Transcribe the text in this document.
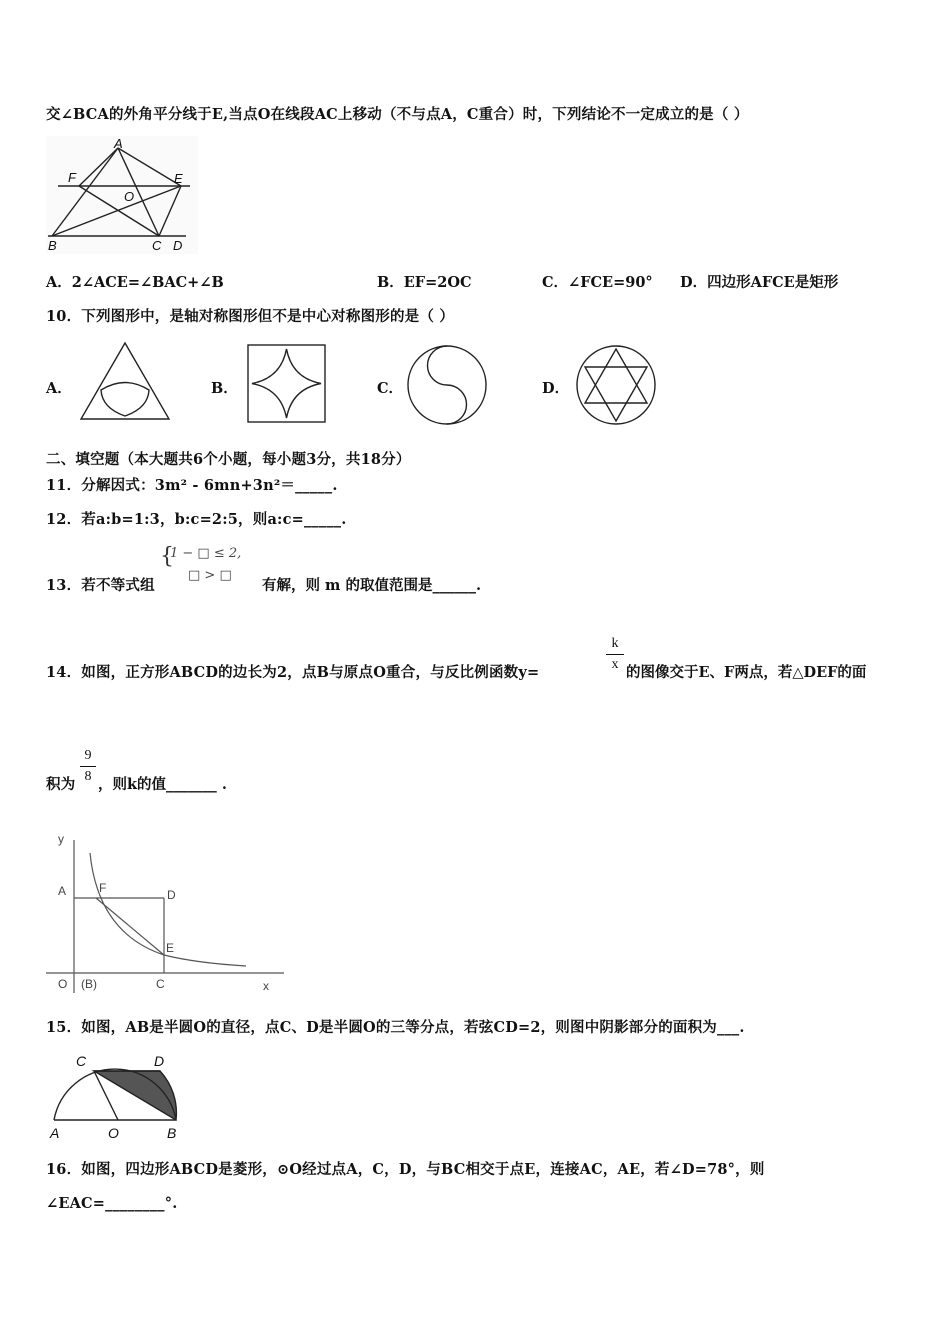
交∠BCA的外角平分线于E,当点O在线段AC上移动（不与点A，C重合）时，下列结论不一定成立的是（ ）
A
F	E
O
B	C D
A．2∠ACE=∠BAC+∠B	B．EF=2OC	C．∠FCE=90° D．四边形AFCE是矩形
10．下列图形中，是轴对称图形但不是中心对称图形的是（ ）
A．	B．	C．	D．
二、填空题（本大题共6个小题，每小题3分，共18分）
11．分解因式：3m² - 6mn+3n²＝_____.
12．若a:b=1:3，b:c=2:5，则a:c=_____.
13．若不等式组
{
1 − □ ≤ 2,
□ > □
有解，则 m 的取值范围是______.
14．如图，正方形ABCD的边长为2，点B与原点O重合，与反比例函数y=
k
x 的图像交于E、F两点，若△DEF的面
积为
9
8 ，则k的值_______ .
y
A	F	D
E
O (B)	C	x
15．如图，AB是半圆O的直径，点C、D是半圆O的三等分点，若弦CD=2，则图中阴影部分的面积为___.
C	D
A	O	B
16．如图，四边形ABCD是菱形，⊙O经过点A，C，D，与BC相交于点E，连接AC，AE，若∠D=78°，则
∠EAC=________°.
